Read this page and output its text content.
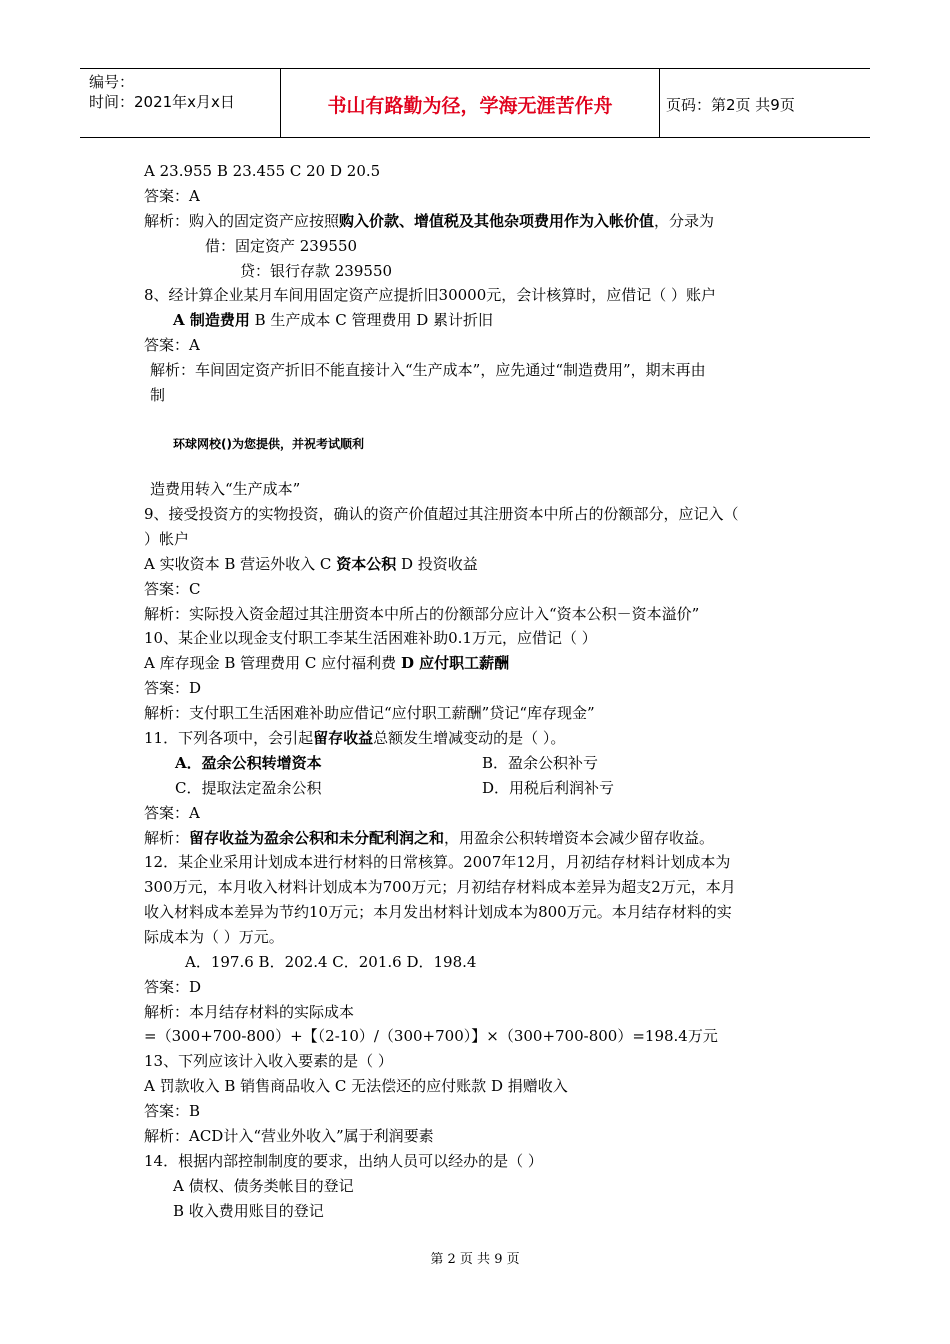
编号：
时间：2021年x月x日	书山有路勤为径，学海无涯苦作舟	页码：第2页 共9页
A 23.955 B 23.455 C 20 D 20.5
答案：A
解析：购入的固定资产应按照购入价款、增值税及其他杂项费用作为入帐价值，分录为
借：固定资产 239550
贷：银行存款 239550
8、经计算企业某月车间用固定资产应提折旧30000元，会计核算时，应借记（ ）账户
A 制造费用 B 生产成本 C 管理费用 D 累计折旧
答案：A
解析：车间固定资产折旧不能直接计入“生产成本”，应先通过“制造费用”，期末再由
制
造费用转入“生产成本”
9、接受投资方的实物投资，确认的资产价值超过其注册资本中所占的份额部分，应记入（
）帐户
A 实收资本 B 营运外收入 C 资本公积 D 投资收益
答案：C
解析：实际投入资金超过其注册资本中所占的份额部分应计入“资本公积－资本溢价”
10、某企业以现金支付职工李某生活困难补助0.1万元，应借记（ ）
A 库存现金 B 管理费用 C 应付福利费 D 应付职工薪酬
答案：D
解析：支付职工生活困难补助应借记“应付职工薪酬”贷记“库存现金”
11．下列各项中，会引起留存收益总额发生增减变动的是（ ）。
A．盈余公积转增资本	B．盈余公积补亏
C．提取法定盈余公积	D．用税后利润补亏
答案：A
解析：留存收益为盈余公积和未分配利润之和，用盈余公积转增资本会减少留存收益。
12．某企业采用计划成本进行材料的日常核算。2007年12月，月初结存材料计划成本为
300万元，本月收入材料计划成本为700万元；月初结存材料成本差异为超支2万元，本月
收入材料成本差异为节约10万元；本月发出材料计划成本为800万元。本月结存材料的实
际成本为（ ）万元。
A．197.6 B．202.4 C．201.6 D．198.4
答案：D
解析：本月结存材料的实际成本
=（300+700-800）+【（2-10）/（300+700）】×（300+700-800）=198.4万元
13、下列应该计入收入要素的是（ ）
A 罚款收入 B 销售商品收入 C 无法偿还的应付账款 D 捐赠收入
答案：B
解析：ACD计入“营业外收入”属于利润要素
14．根据内部控制制度的要求，出纳人员可以经办的是（ ）
A 债权、债务类帐目的登记
B 收入费用账目的登记
环球网校()为您提供，并祝考试顺利
第 2 页 共 9 页
